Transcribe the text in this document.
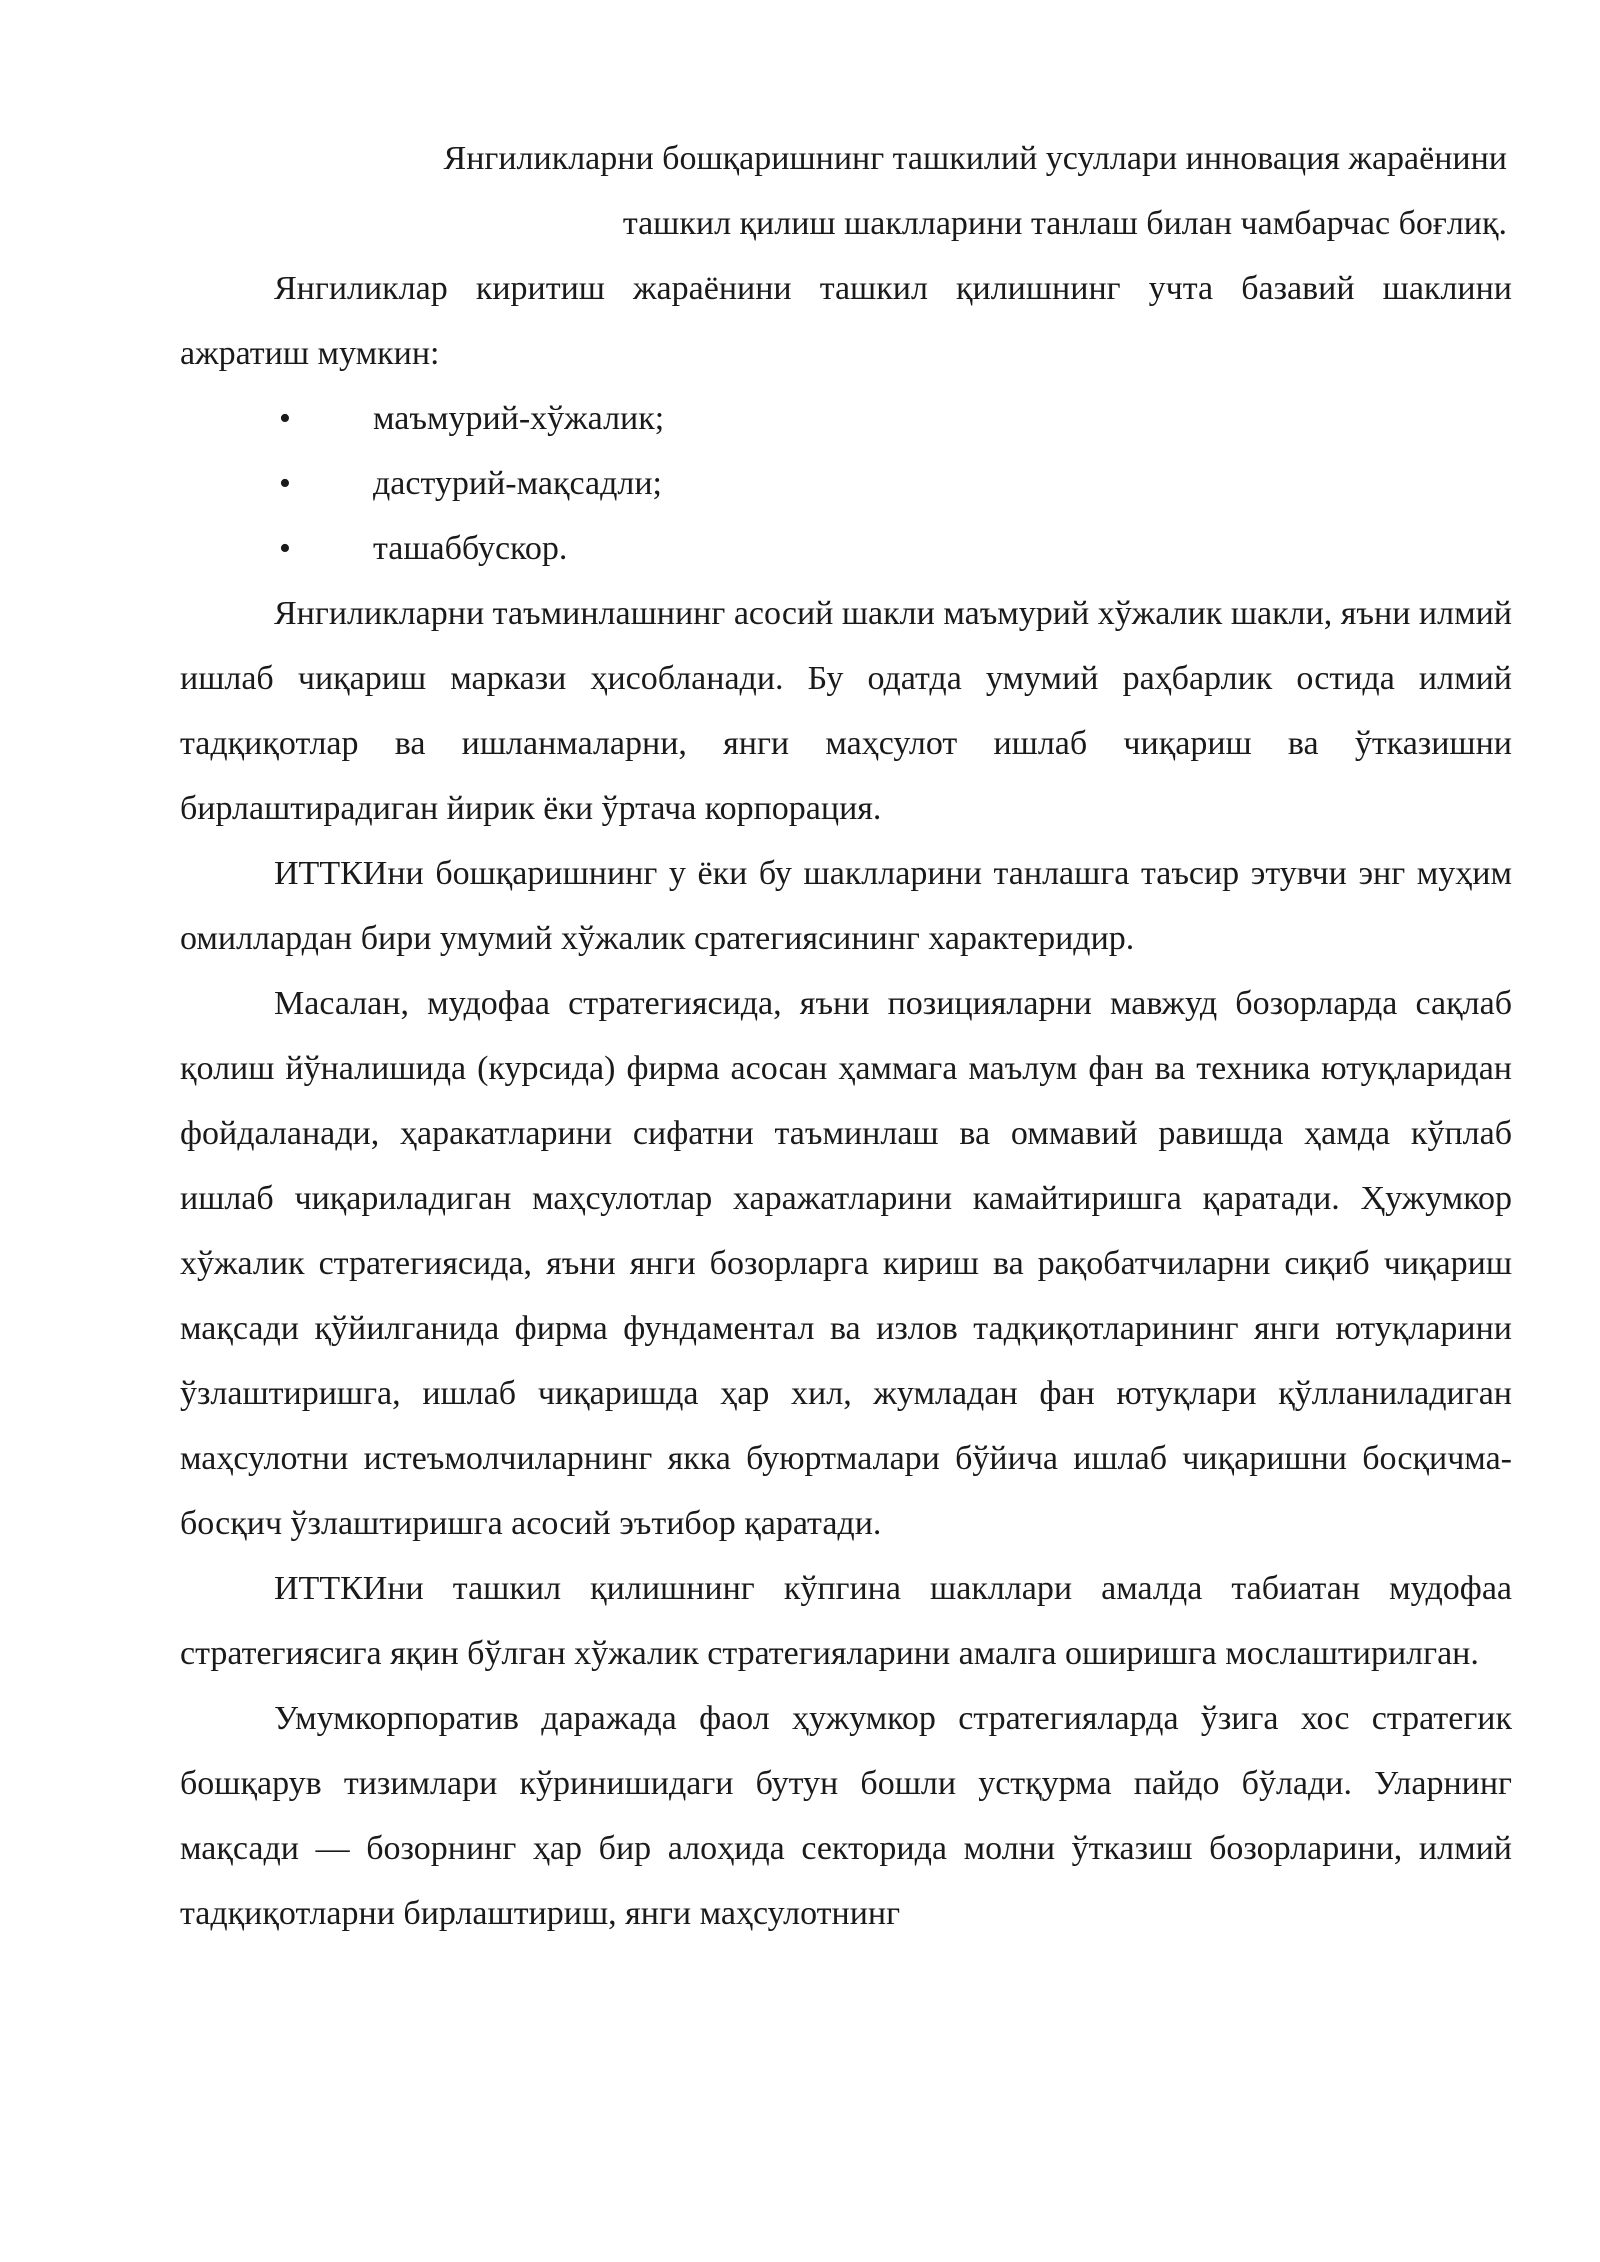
Янгиликларни бошқаришнинг ташкилий усуллари инновация жараёнини
ташкил қилиш шаклларини танлаш билан чамбарчас боғлиқ.

Янгиликлар киритиш жараёнини ташкил қилишнинг учта базавий шаклини ажратиш мумкин:

• маъмурий-хўжалик;
• дастурий-мақсадли;
• ташаббускор.

Янгиликларни таъминлашнинг асосий шакли маъмурий хўжалик шакли, яъни илмий ишлаб чиқариш маркази ҳисобланади. Бу одатда умумий раҳбарлик остида илмий тадқиқотлар ва ишланмаларни, янги маҳсулот ишлаб чиқариш ва ўтказишни бирлаштирадиган йирик ёки ўртача корпорация.

ИТТКИни бошқаришнинг у ёки бу шаклларини танлашга таъсир этувчи энг муҳим омиллардан бири умумий хўжалик сратегиясининг характеридир.

Масалан, мудофаа стратегиясида, яъни позицияларни мавжуд бозорларда сақлаб қолиш йўналишида (курсида) фирма асосан ҳаммага маълум фан ва техника ютуқларидан фойдаланади, ҳаракатларини сифатни таъминлаш ва оммавий равишда ҳамда кўплаб ишлаб чиқариладиган маҳсулотлар харажатларини камайтиришга қаратади. Ҳужумкор хўжалик стратегиясида, яъни янги бозорларга кириш ва рақобатчиларни сиқиб чиқариш мақсади қўйилганида фирма фундаментал ва излов тадқиқотларининг янги ютуқларини ўзлаштиришга, ишлаб чиқаришда ҳар хил, жумладан фан ютуқлари қўлланиладиган маҳсулотни истеъмолчиларнинг якка буюртмалари бўйича ишлаб чиқаришни босқичма-босқич ўзлаштиришга асосий эътибор қаратади.

ИТТКИни ташкил қилишнинг кўпгина шакллари амалда табиатан мудофаа стратегиясига яқин бўлган хўжалик стратегияларини амалга оширишга мослаштирилган.

Умумкорпоратив даражада фаол ҳужумкор стратегияларда ўзига хос стратегик бошқарув тизимлари кўринишидаги бутун бошли устқурма пайдо бўлади. Уларнинг мақсади — бозорнинг ҳар бир алоҳида секторида молни ўтказиш бозорларини, илмий тадқиқотларни бирлаштириш, янги маҳсулотнинг
